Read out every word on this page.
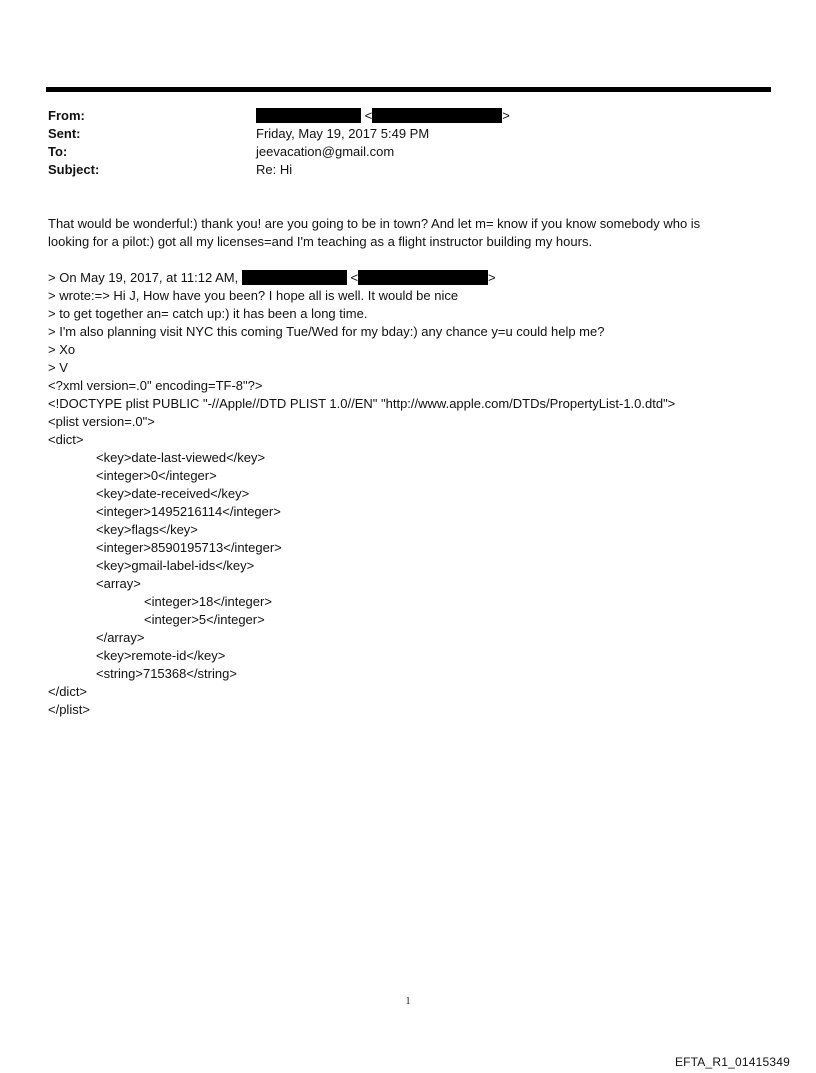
From:	<	>
Sent:	Friday, May 19, 2017 5:49 PM
To:	jeevacation@gmail.com
Subject:	Re: Hi
That would be wonderful:) thank you! are you going to be in town? And let m= know if you know somebody who is
looking for a pilot:) got all my licenses=and I'm teaching as a flight instructor building my hours.
> On May 19, 2017, at 11:12 AM,	<	>
> wrote:=> Hi J, How have you been? I hope all is well. It would be nice
> to get together an= catch up:) it has been a long time.
> I'm also planning visit NYC this coming Tue/Wed for my bday:) any chance y=u could help me?
> Xo
> V
<?xml version=.0" encoding=TF-8"?>
<!DOCTYPE plist PUBLIC "-//Apple//DTD PLIST 1.0//EN" "http://www.apple.com/DTDs/PropertyList-1.0.dtd">
<plist version=.0">
<dict>
<key>date-last-viewed</key>
<integer>0</integer>
<key>date-received</key>
<integer>1495216114</integer>
<key>flags</key>
<integer>8590195713</integer>
<key>gmail-label-ids</key>
<array>
<integer>18</integer>
<integer>5</integer>
</array>
<key>remote-id</key>
<string>715368</string>
</dict>
</plist>
1
EFTA_R1_01415349
